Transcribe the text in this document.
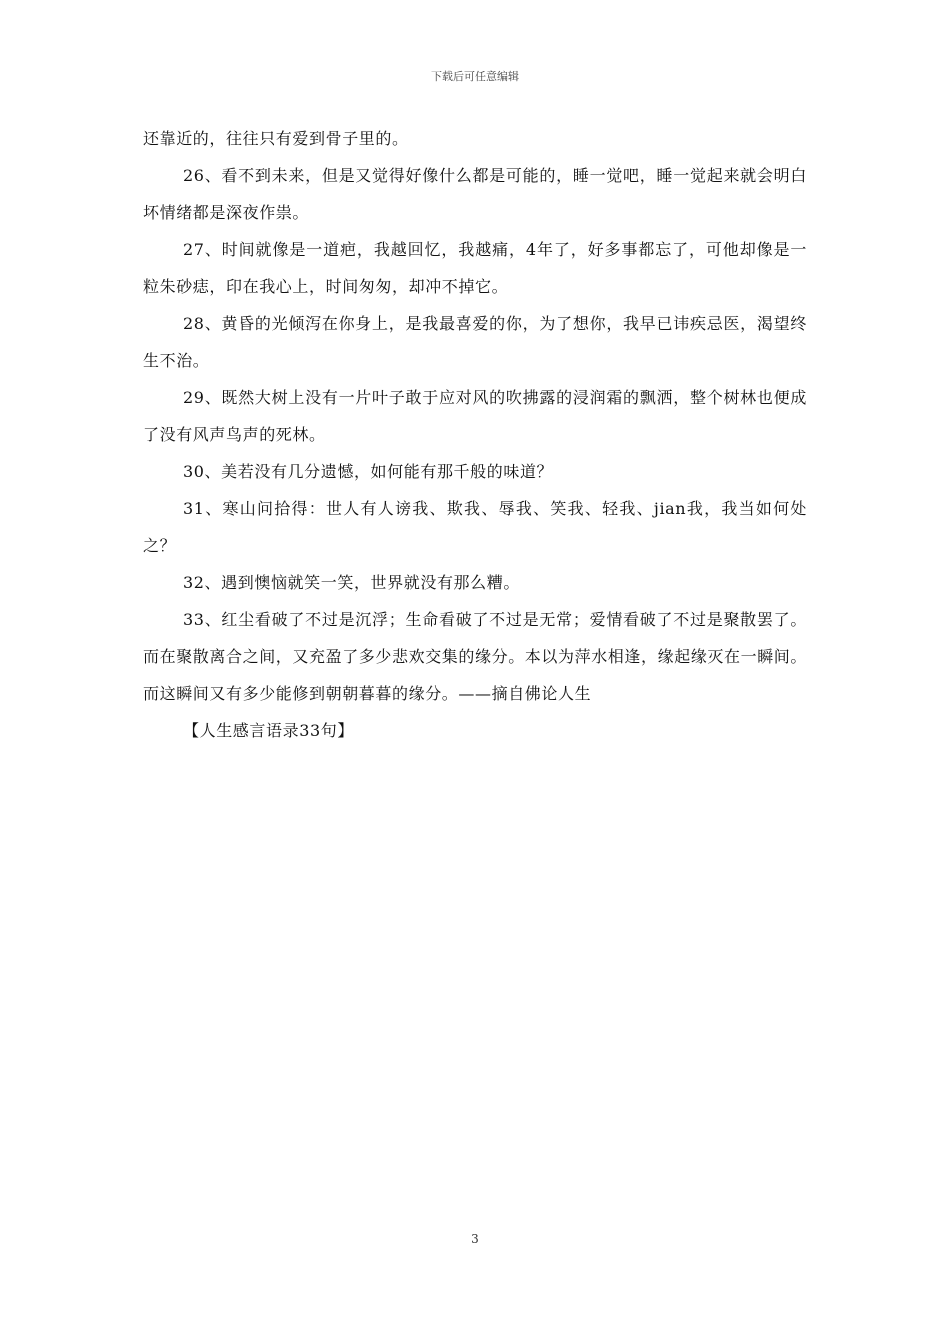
下载后可任意编辑

还靠近的，往往只有爱到骨子里的。

26、看不到未来，但是又觉得好像什么都是可能的，睡一觉吧，睡一觉起来就会明白坏情绪都是深夜作祟。

27、时间就像是一道疤，我越回忆，我越痛，4年了，好多事都忘了，可他却像是一粒朱砂痣，印在我心上，时间匆匆，却冲不掉它。

28、黄昏的光倾泻在你身上，是我最喜爱的你，为了想你，我早已讳疾忌医，渴望终生不治。

29、既然大树上没有一片叶子敢于应对风的吹拂露的浸润霜的飘洒，整个树林也便成了没有风声鸟声的死林。

30、美若没有几分遗憾，如何能有那千般的味道？

31、寒山问拾得：世人有人谤我、欺我、辱我、笑我、轻我、jian我，我当如何处之？

32、遇到懊恼就笑一笑，世界就没有那么糟。

33、红尘看破了不过是沉浮；生命看破了不过是无常；爱情看破了不过是聚散罢了。而在聚散离合之间，又充盈了多少悲欢交集的缘分。本以为萍水相逢，缘起缘灭在一瞬间。而这瞬间又有多少能修到朝朝暮暮的缘分。——摘自佛论人生

【人生感言语录33句】

3
